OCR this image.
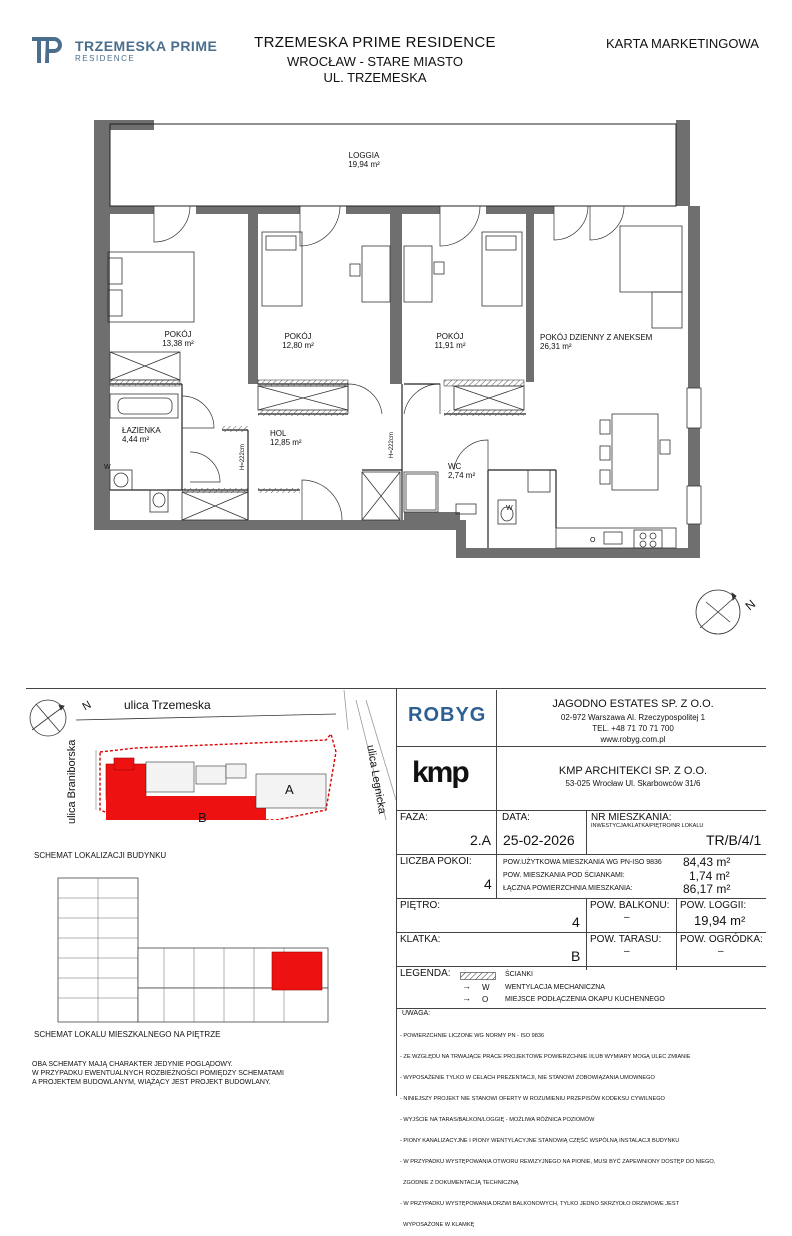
TRZEMESKA PRIME
RESIDENCE
TRZEMESKA PRIME RESIDENCE
WROCŁAW - STARE MIASTO
UL. TRZEMESKA
KARTA MARKETINGOWA
LOGGIA
19,94 m²
POKÓJ
13,38 m²
POKÓJ
12,80 m²
POKÓJ
11,91 m²
POKÓJ DZIENNY Z ANEKSEM
26,31 m²
ŁAZIENKA
4,44 m²
HOL
12,85 m²
WC
2,74 m²
H=222cm	H=222cm
W
W
O
N
ulica Trzemeska
ulica Braniborska	ulica Legnicka
A
B
N
SCHEMAT LOKALIZACJI BUDYNKU
SCHEMAT LOKALU MIESZKALNEGO NA PIĘTRZE
OBA SCHEMATY MAJĄ CHARAKTER JEDYNIE POGLĄDOWY.
W PRZYPADKU EWENTUALNYCH ROZBIEŻNOŚCI POMIĘDZY SCHEMATAMI
A PROJEKTEM BUDOWLANYM, WIĄŻĄCY JEST PROJEKT BUDOWLANY.
ROBYG	JAGODNO ESTATES SP. Z O.O.
02-972 Warszawa Al. Rzeczypospolitej 1
TEL. +48 71 70 71 700
www.robyg.com.pl
kmp	KMP ARCHITEKCI SP. Z O.O.
53-025 Wrocław Ul. Skarbowców 31/6
FAZA:
2.A
DATA:
25-02-2026
NR MIESZKANIA:
INWESTYCJA/KLATKA/PIĘTRO/NR LOKALU
TR/B/4/1
LICZBA POKOI:
4
POW.UŻYTKOWA MIESZKANIA WG PN-ISO 9836 84,43 m²
POW. MIESZKANIA POD ŚCIANKAMI:	1,74 m²
ŁĄCZNA POWIERZCHNIA MIESZKANIA:	86,17 m²
PIĘTRO:
4
POW. BALKONU:
–
POW. LOGGII:
19,94 m²
KLATKA:
B
POW. TARASU:
–
POW. OGRÓDKA:
–
LEGENDA:	ŚCIANKI
W
→	WENTYLACJA MECHANICZNA
O
→	MIEJSCE PODŁĄCZENIA OKAPU KUCHENNEGO
UWAGA:

- POWIERZCHNIE LICZONE WG NORMY PN - ISO 9836

- ZE WZGLĘDU NA TRWAJĄCE PRACE PROJEKTOWE POWIERZCHNIE I/LUB WYMIARY MOGĄ ULEC ZMIANIE

- WYPOSAŻENIE TYLKO W CELACH PREZENTACJI, NIE STANOWI ZOBOWIĄZANIA UMOWNEGO

- NINIEJSZY PROJEKT NIE STANOWI OFERTY W ROZUMIENIU PRZEPISÓW KODEKSU CYWILNEGO

- WYJŚCIE NA TARAS/BALKON/LOGGIĘ - MOŻLIWA RÓŻNICA POZIOMÓW

- PIONY KANALIZACYJNE I PIONY WENTYLACYJNE STANOWIĄ CZĘŚĆ WSPÓLNĄ INSTALACJI BUDYNKU

- W PRZYPADKU WYSTĘPOWANIA OTWORU REWIZYJNEGO NA PIONIE, MUSI BYĆ ZAPEWNIONY DOSTĘP DO NIEGO,

ZGODNIE Z DOKUMENTACJĄ TECHNICZNĄ

- W PRZYPADKU WYSTĘPOWANIA DRZWI BALKONOWYCH, TYLKO JEDNO SKRZYDŁO DRZWIOWE JEST

WYPOSAŻONE W KLAMKĘ
